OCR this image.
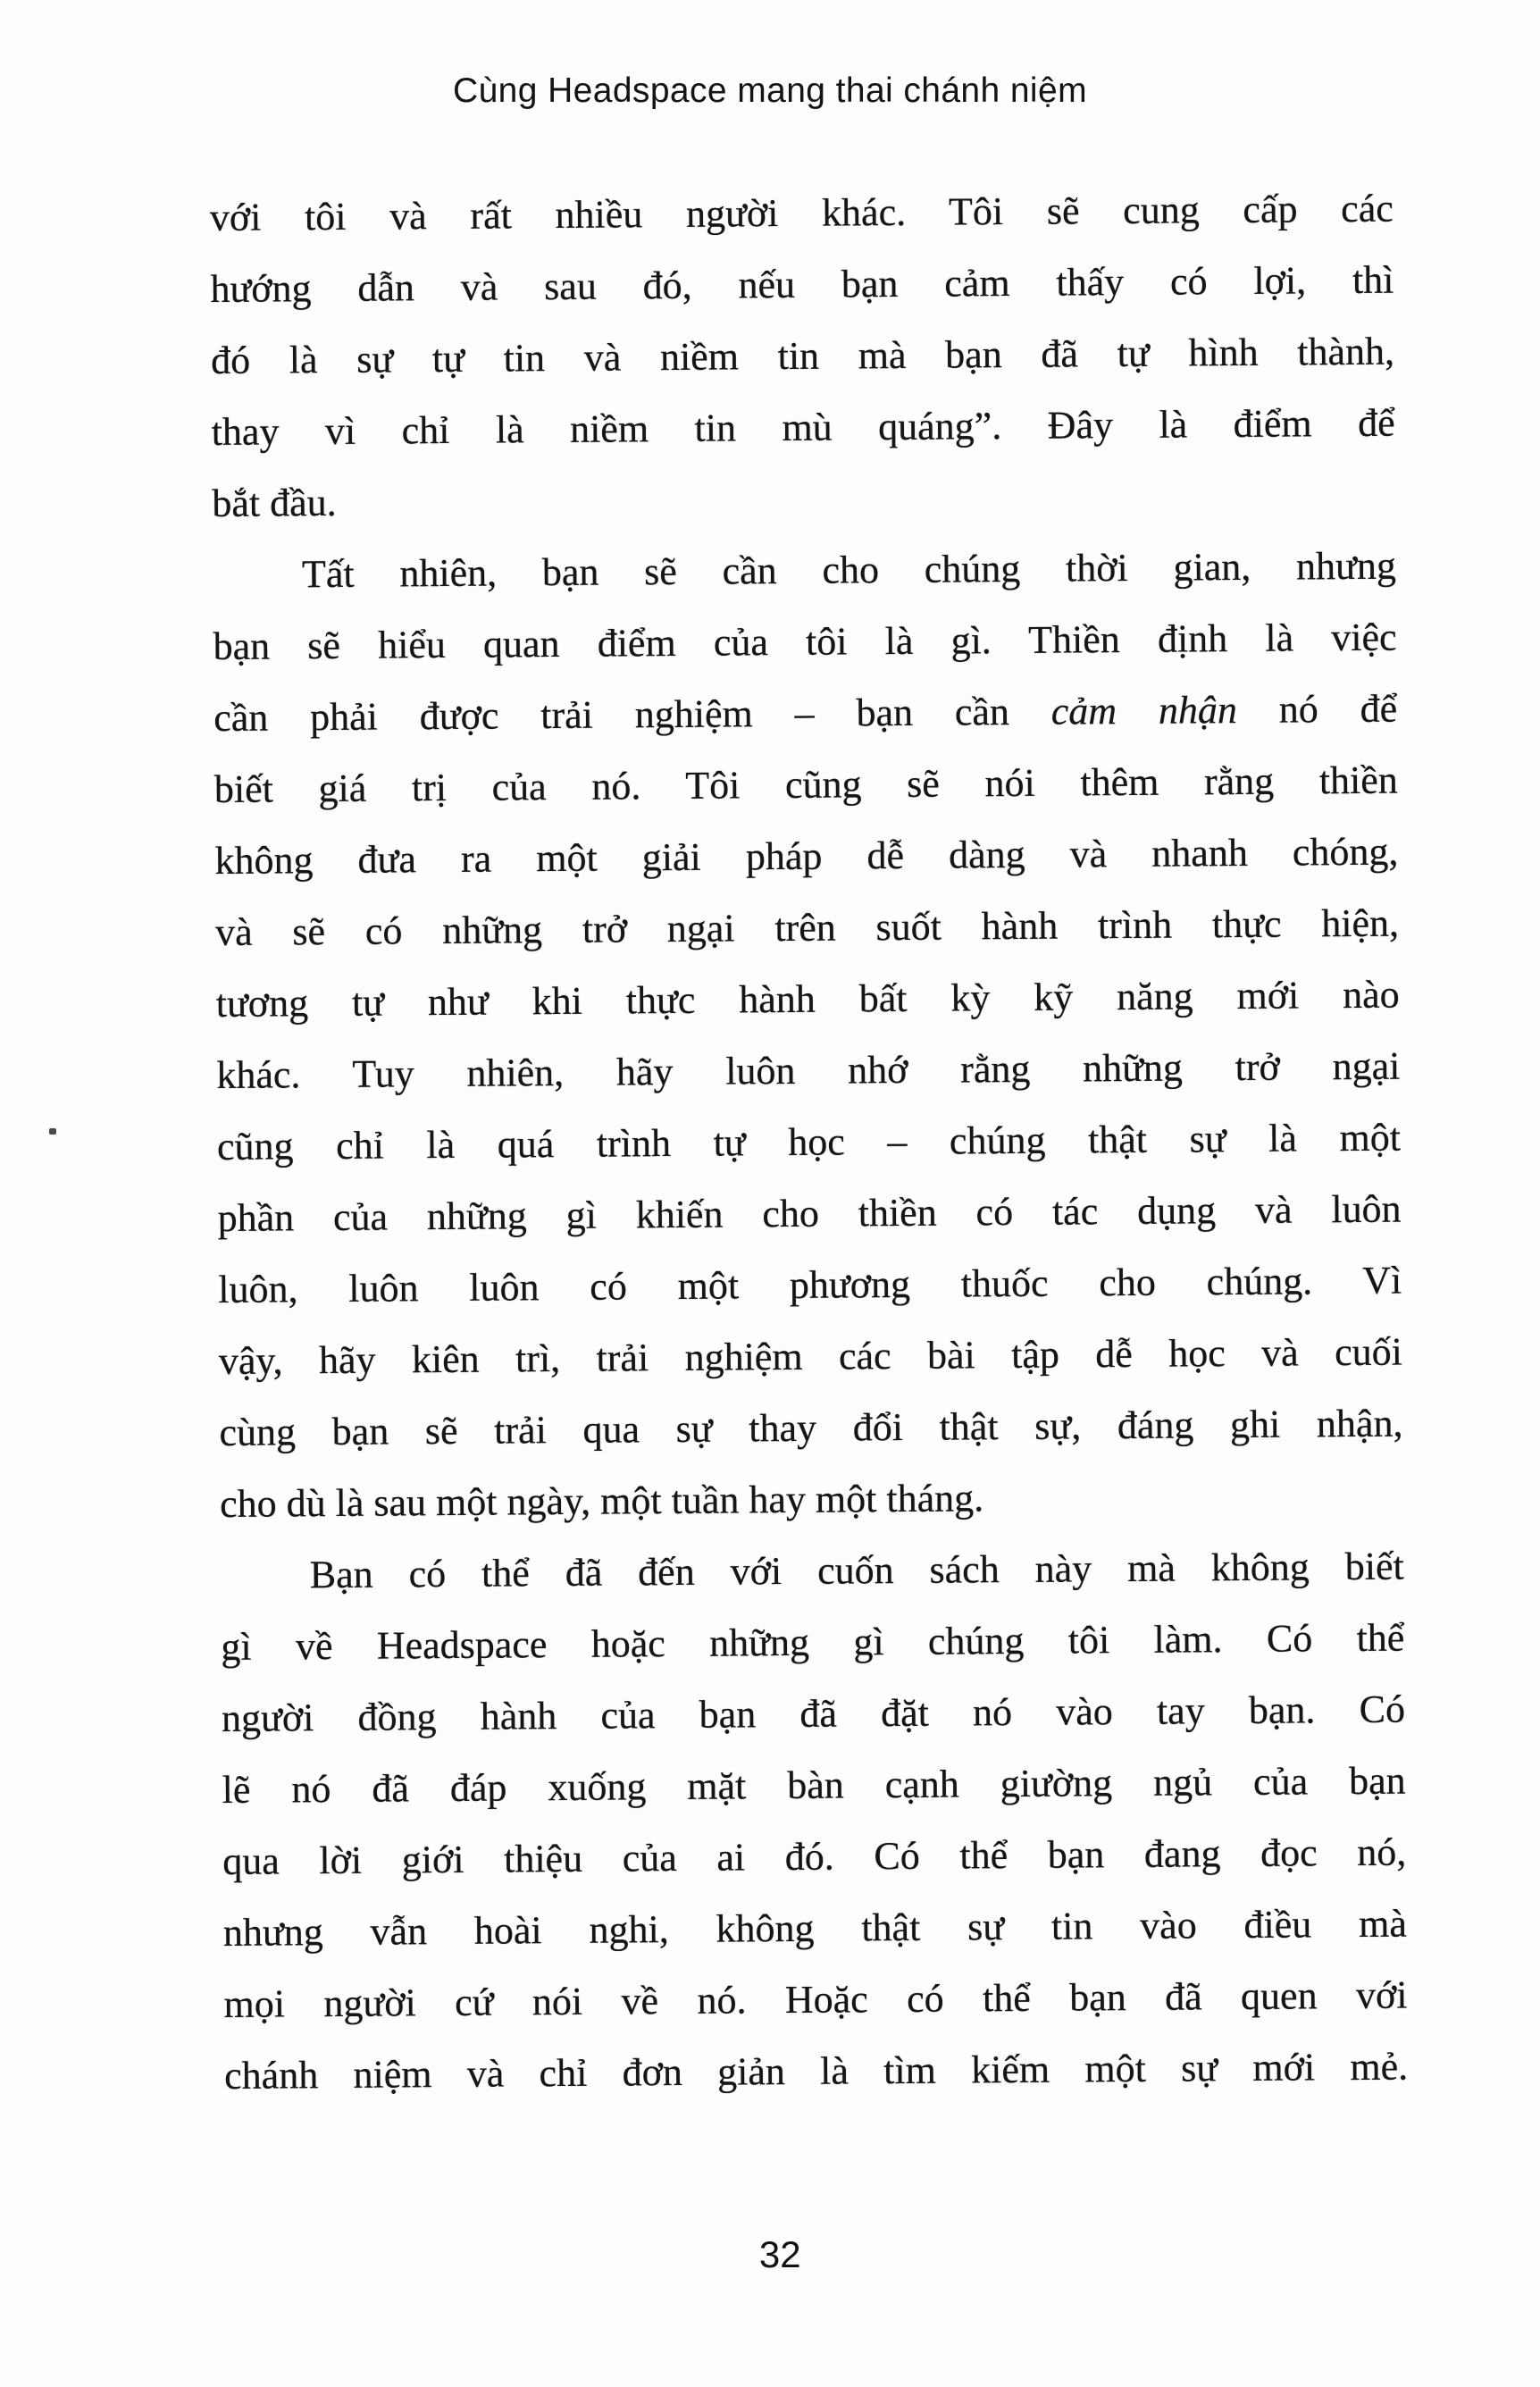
Cùng Headspace mang thai chánh niệm
với tôi và rất nhiều người khác. Tôi sẽ cung cấp các
hướng dẫn và sau đó, nếu bạn cảm thấy có lợi, thì
đó là sự tự tin và niềm tin mà bạn đã tự hình thành,
thay vì chỉ là niềm tin mù quáng”. Đây là điểm để
bắt đầu.
Tất nhiên, bạn sẽ cần cho chúng thời gian, nhưng
bạn sẽ hiểu quan điểm của tôi là gì. Thiền định là việc
cần phải được trải nghiệm – bạn cần cảm nhận nó để
biết giá trị của nó. Tôi cũng sẽ nói thêm rằng thiền
không đưa ra một giải pháp dễ dàng và nhanh chóng,
và sẽ có những trở ngại trên suốt hành trình thực hiện,
tương tự như khi thực hành bất kỳ kỹ năng mới nào
khác. Tuy nhiên, hãy luôn nhớ rằng những trở ngại
cũng chỉ là quá trình tự học – chúng thật sự là một
phần của những gì khiến cho thiền có tác dụng và luôn
luôn, luôn luôn có một phương thuốc cho chúng. Vì
vậy, hãy kiên trì, trải nghiệm các bài tập dễ học và cuối
cùng bạn sẽ trải qua sự thay đổi thật sự, đáng ghi nhận,
cho dù là sau một ngày, một tuần hay một tháng.
Bạn có thể đã đến với cuốn sách này mà không biết
gì về Headspace hoặc những gì chúng tôi làm. Có thể
người đồng hành của bạn đã đặt nó vào tay bạn. Có
lẽ nó đã đáp xuống mặt bàn cạnh giường ngủ của bạn
qua lời giới thiệu của ai đó. Có thể bạn đang đọc nó,
nhưng vẫn hoài nghi, không thật sự tin vào điều mà
mọi người cứ nói về nó. Hoặc có thể bạn đã quen với
chánh niệm và chỉ đơn giản là tìm kiếm một sự mới mẻ.
32
